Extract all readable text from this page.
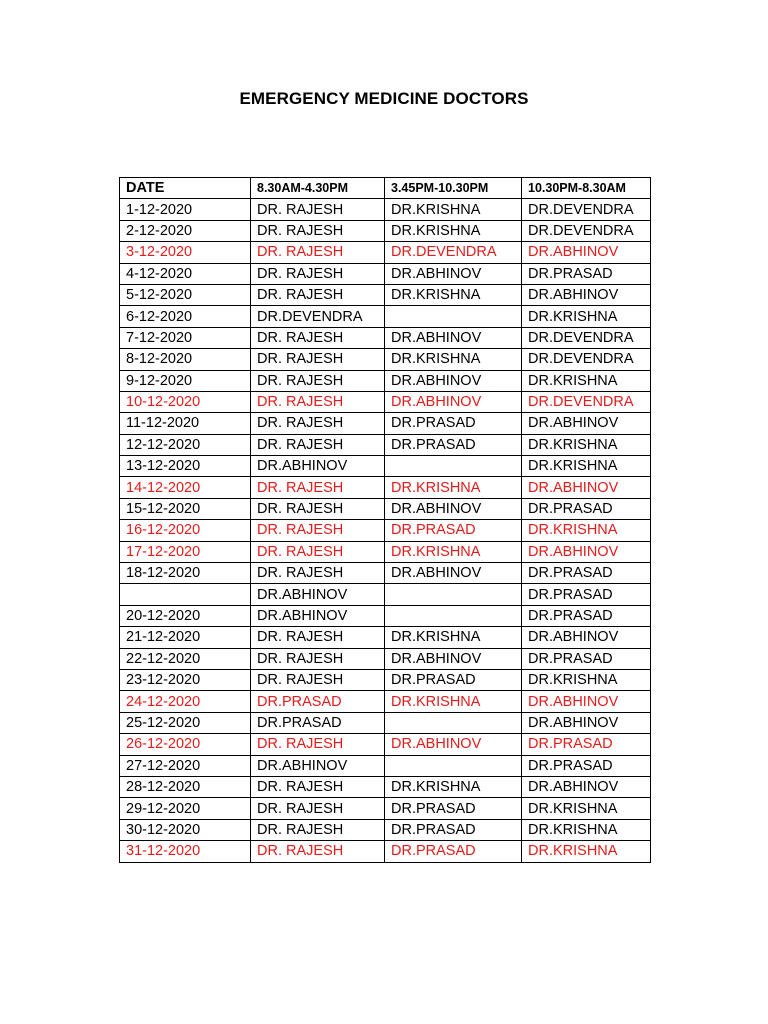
EMERGENCY MEDICINE DOCTORS
DATE	8.30AM-4.30PM	3.45PM-10.30PM	10.30PM-8.30AM
1-12-2020	DR. RAJESH	DR.KRISHNA	DR.DEVENDRA
2-12-2020	DR. RAJESH	DR.KRISHNA	DR.DEVENDRA
3-12-2020	DR. RAJESH	DR.DEVENDRA	DR.ABHINOV
4-12-2020	DR. RAJESH	DR.ABHINOV	DR.PRASAD
5-12-2020	DR. RAJESH	DR.KRISHNA	DR.ABHINOV
6-12-2020	DR.DEVENDRA		DR.KRISHNA
7-12-2020	DR. RAJESH	DR.ABHINOV	DR.DEVENDRA
8-12-2020	DR. RAJESH	DR.KRISHNA	DR.DEVENDRA
9-12-2020	DR. RAJESH	DR.ABHINOV	DR.KRISHNA
10-12-2020	DR. RAJESH	DR.ABHINOV	DR.DEVENDRA
11-12-2020	DR. RAJESH	DR.PRASAD	DR.ABHINOV
12-12-2020	DR. RAJESH	DR.PRASAD	DR.KRISHNA
13-12-2020	DR.ABHINOV		DR.KRISHNA
14-12-2020	DR. RAJESH	DR.KRISHNA	DR.ABHINOV
15-12-2020	DR. RAJESH	DR.ABHINOV	DR.PRASAD
16-12-2020	DR. RAJESH	DR.PRASAD	DR.KRISHNA
17-12-2020	DR. RAJESH	DR.KRISHNA	DR.ABHINOV
18-12-2020	DR. RAJESH	DR.ABHINOV	DR.PRASAD
	DR.ABHINOV		DR.PRASAD
20-12-2020	DR.ABHINOV		DR.PRASAD
21-12-2020	DR. RAJESH	DR.KRISHNA	DR.ABHINOV
22-12-2020	DR. RAJESH	DR.ABHINOV	DR.PRASAD
23-12-2020	DR. RAJESH	DR.PRASAD	DR.KRISHNA
24-12-2020	DR.PRASAD	DR.KRISHNA	DR.ABHINOV
25-12-2020	DR.PRASAD		DR.ABHINOV
26-12-2020	DR. RAJESH	DR.ABHINOV	DR.PRASAD
27-12-2020	DR.ABHINOV		DR.PRASAD
28-12-2020	DR. RAJESH	DR.KRISHNA	DR.ABHINOV
29-12-2020	DR. RAJESH	DR.PRASAD	DR.KRISHNA
30-12-2020	DR. RAJESH	DR.PRASAD	DR.KRISHNA
31-12-2020	DR. RAJESH	DR.PRASAD	DR.KRISHNA
